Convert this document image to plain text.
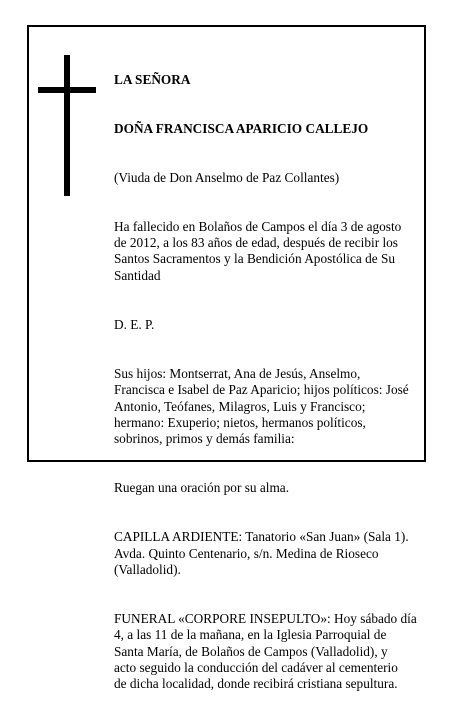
LA SEÑORA

DOÑA FRANCISCA APARICIO CALLEJO

(Viuda de Don Anselmo de Paz Collantes)

Ha fallecido en Bolaños de Campos el día 3 de agosto
de 2012, a los 83 años de edad, después de recibir los
Santos Sacramentos y la Bendición Apostólica de Su
Santidad

D. E. P.

Sus hijos: Montserrat, Ana de Jesús, Anselmo,
Francisca e Isabel de Paz Aparicio; hijos políticos: José
Antonio, Teófanes, Milagros, Luis y Francisco;
hermano: Exuperio; nietos, hermanos políticos,
sobrinos, primos y demás familia:

Ruegan una oración por su alma.

CAPILLA ARDIENTE: Tanatorio «San Juan» (Sala 1).
Avda. Quinto Centenario, s/n. Medina de Rioseco
(Valladolid).

FUNERAL «CORPORE INSEPULTO»: Hoy sábado día
4, a las 11 de la mañana, en la Iglesia Parroquial de
Santa María, de Bolaños de Campos (Valladolid), y
acto seguido la conducción del cadáver al cementerio
de dicha localidad, donde recibirá cristiana sepultura.
